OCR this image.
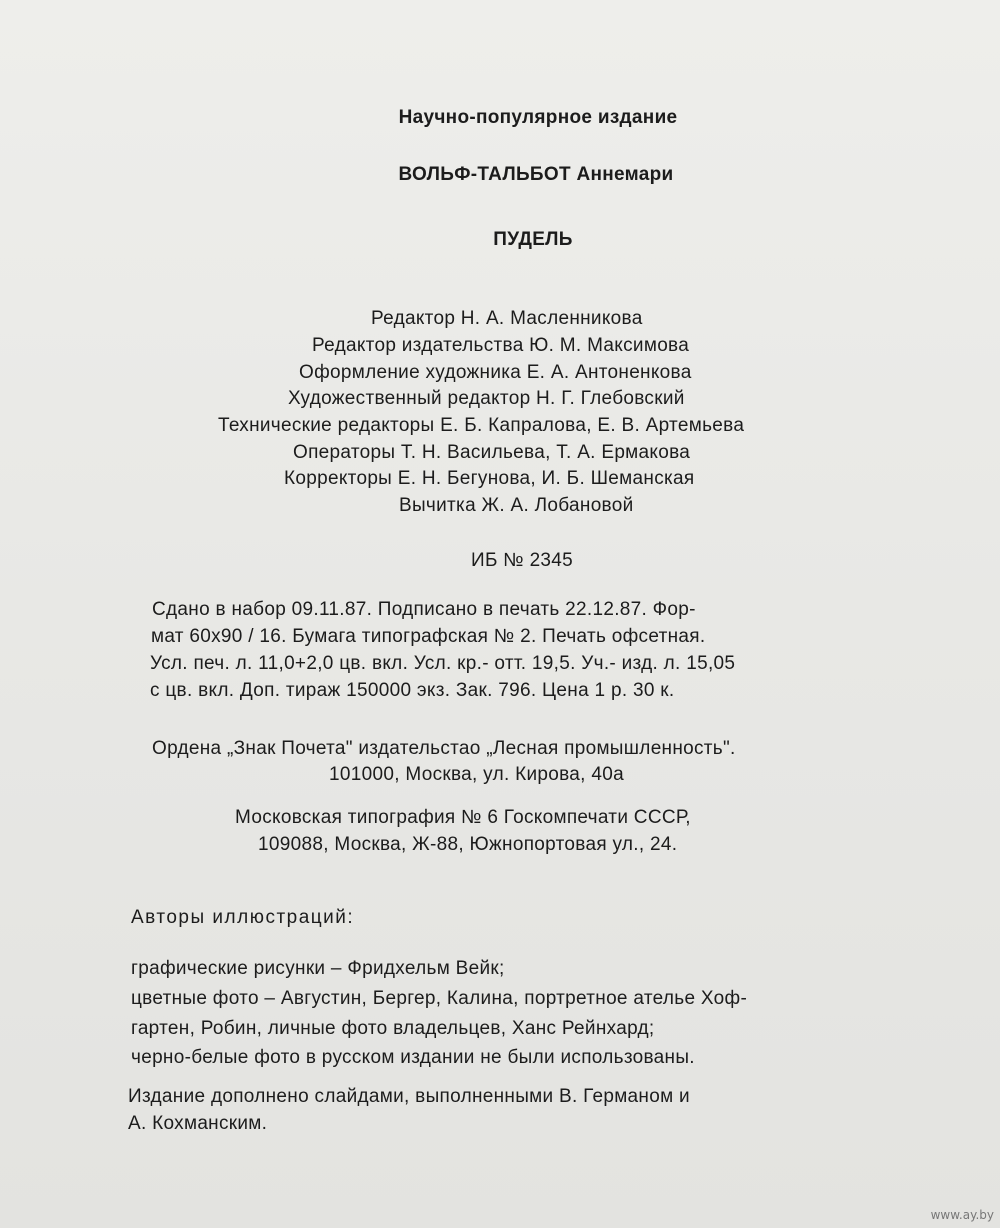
Научно-популярное издание
ВОЛЬФ-ТАЛЬБОТ Аннемари
ПУДЕЛЬ
Редактор Н. А. Масленникова
Редактор издательства Ю. М. Максимова
Оформление художника Е. А. Антоненкова
Художественный редактор Н. Г. Глебовский
Технические редакторы Е. Б. Капралова, Е. В. Артемьева
Операторы Т. Н. Васильева, Т. А. Ермакова
Корректоры Е. Н. Бегунова, И. Б. Шеманская
Вычитка Ж. А. Лобановой
ИБ № 2345
Сдано в набор 09.11.87. Подписано в печать 22.12.87. Фор-
мат 60x90 / 16. Бумага типографская № 2. Печать офсетная.
Усл. печ. л. 11,0+2,0 цв. вкл. Усл. кр.- отт. 19,5. Уч.- изд. л. 15,05
с цв. вкл. Доп. тираж 150000 экз. Зак. 796. Цена 1 р. 30 к.
Ордена „Знак Почета" издательстао „Лесная промышленность".
101000, Москва, ул. Кирова, 40а
Московская типография № 6 Госкомпечати СССР,
109088, Москва, Ж-88, Южнопортовая ул., 24.
Авторы иллюстраций:
графические рисунки – Фридхельм Вейк;
цветные фото – Августин, Бергер, Калина, портретное ателье Хоф-
гартен, Робин, личные фото владельцев, Ханс Рейнхард;
черно-белые фото в русском издании не были использованы.
Издание дополнено слайдами, выполненными В. Германом и
А. Кохманским.
www.ay.by
